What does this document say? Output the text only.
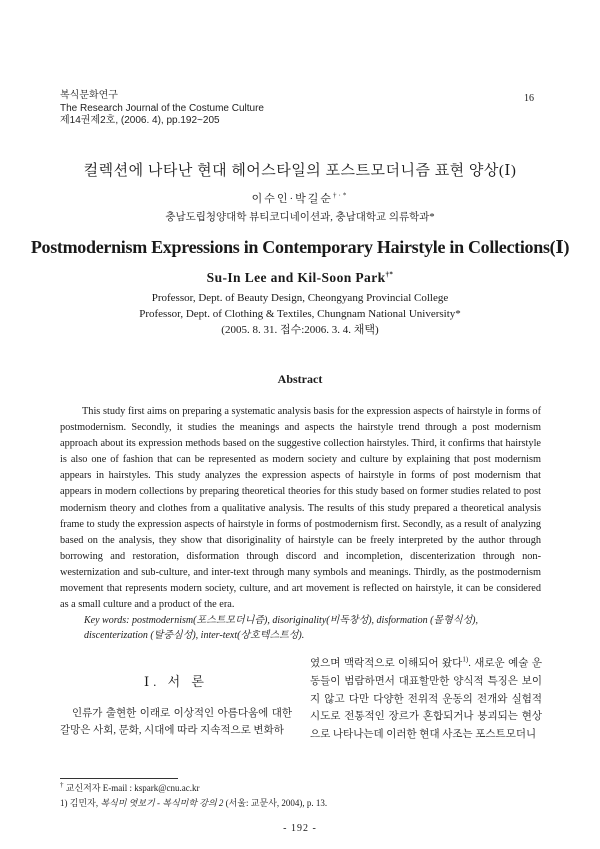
복식문화연구
The Research Journal of the Costume Culture
제14권제2호, (2006. 4), pp.192~205
16
컬렉션에 나타난 현대 헤어스타일의 포스트모더니즘 표현 양상(Ⅰ)
이수인·박길순†·*
충남도립청양대학 뷰티코디네이션과, 충남대학교 의류학과*
Postmodernism Expressions in Contemporary Hairstyle in Collections(Ⅰ)
Su-In Lee and Kil-Soon Park†*
Professor, Dept. of Beauty Design, Cheongyang Provincial College
Professor, Dept. of Clothing & Textiles, Chungnam National University*
(2005. 8. 31. 접수:2006. 3. 4. 채택)
Abstract
This study first aims on preparing a systematic analysis basis for the expression aspects of hairstyle in forms of postmodernism. Secondly, it studies the meanings and aspects the hairstyle trend through a post modernism approach about its expression methods based on the suggestive collection hairstyles. Third, it confirms that hairstyle is also one of fashion that can be represented as modern society and culture by explaining that post modernism appears in hairstyles. This study analyzes the expression aspects of hairstyle in forms of post modernism that appears in modern collections by preparing theoretical theories for this study based on former studies related to post modernism theory and clothes from a qualitative analysis. The results of this study prepared a theoretical analysis frame to study the expression aspects of hairstyle in forms of postmodernism first. Secondly, as a result of analyzing based on the analysis, they show that disoriginality of hairstyle can be freely interpreted by the author through borrowing and restoration, disformation through discord and incompletion, discenterization through non-westernization and sub-culture, and inter-text through many symbols and meanings. Thirdly, as the postmodernism movement that represents modern society, culture, and art movement is reflected on hairstyle, it can be considered as a small culture and a product of the era.
Key words: postmodernism(포스트모더니즘), disoriginality(비독창성), disformation (몰형식성), discenterization (탈중심성), inter-text(상호텍스트성).
Ⅰ. 서 론
인류가 출현한 이래로 이상적인 아름다움에 대한 갈망은 사회, 문화, 시대에 따라 지속적으로 변화하
였으며 맥락적으로 이해되어 왔다$^{1)}$. 새로운 예술 운동들이 범람하면서 대표할만한 양식적 특징은 보이지 않고 다만 다양한 전위적 운동의 전개와 실험적 시도로 전통적인 장르가 혼합되거나 붕괴되는 현상으로 나타나는데 이러한 현대 사조는 포스트모더니
† 교신저자 E-mail : kspark@cnu.ac.kr
1) 김민자, 복식미 엿보기 - 복식미학 강의 2 (서울: 교문사, 2004), p. 13.
- 192 -
